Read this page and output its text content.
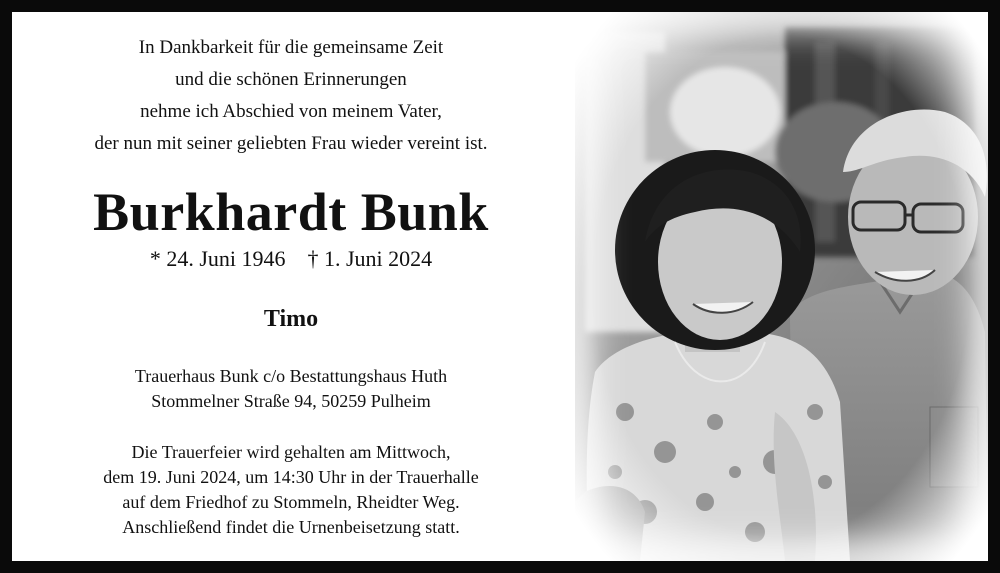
In Dankbarkeit für die gemeinsame Zeit
und die schönen Erinnerungen
nehme ich Abschied von meinem Vater,
der nun mit seiner geliebten Frau wieder vereint ist.
Burkhardt Bunk
* 24. Juni 1946 † 1. Juni 2024
Timo
Trauerhaus Bunk c/o Bestattungshaus Huth
Stommelner Straße 94, 50259 Pulheim
Die Trauerfeier wird gehalten am Mittwoch,
dem 19. Juni 2024, um 14:30 Uhr in der Trauerhalle
auf dem Friedhof zu Stommeln, Rheidter Weg.
Anschließend findet die Urnenbeisetzung statt.
